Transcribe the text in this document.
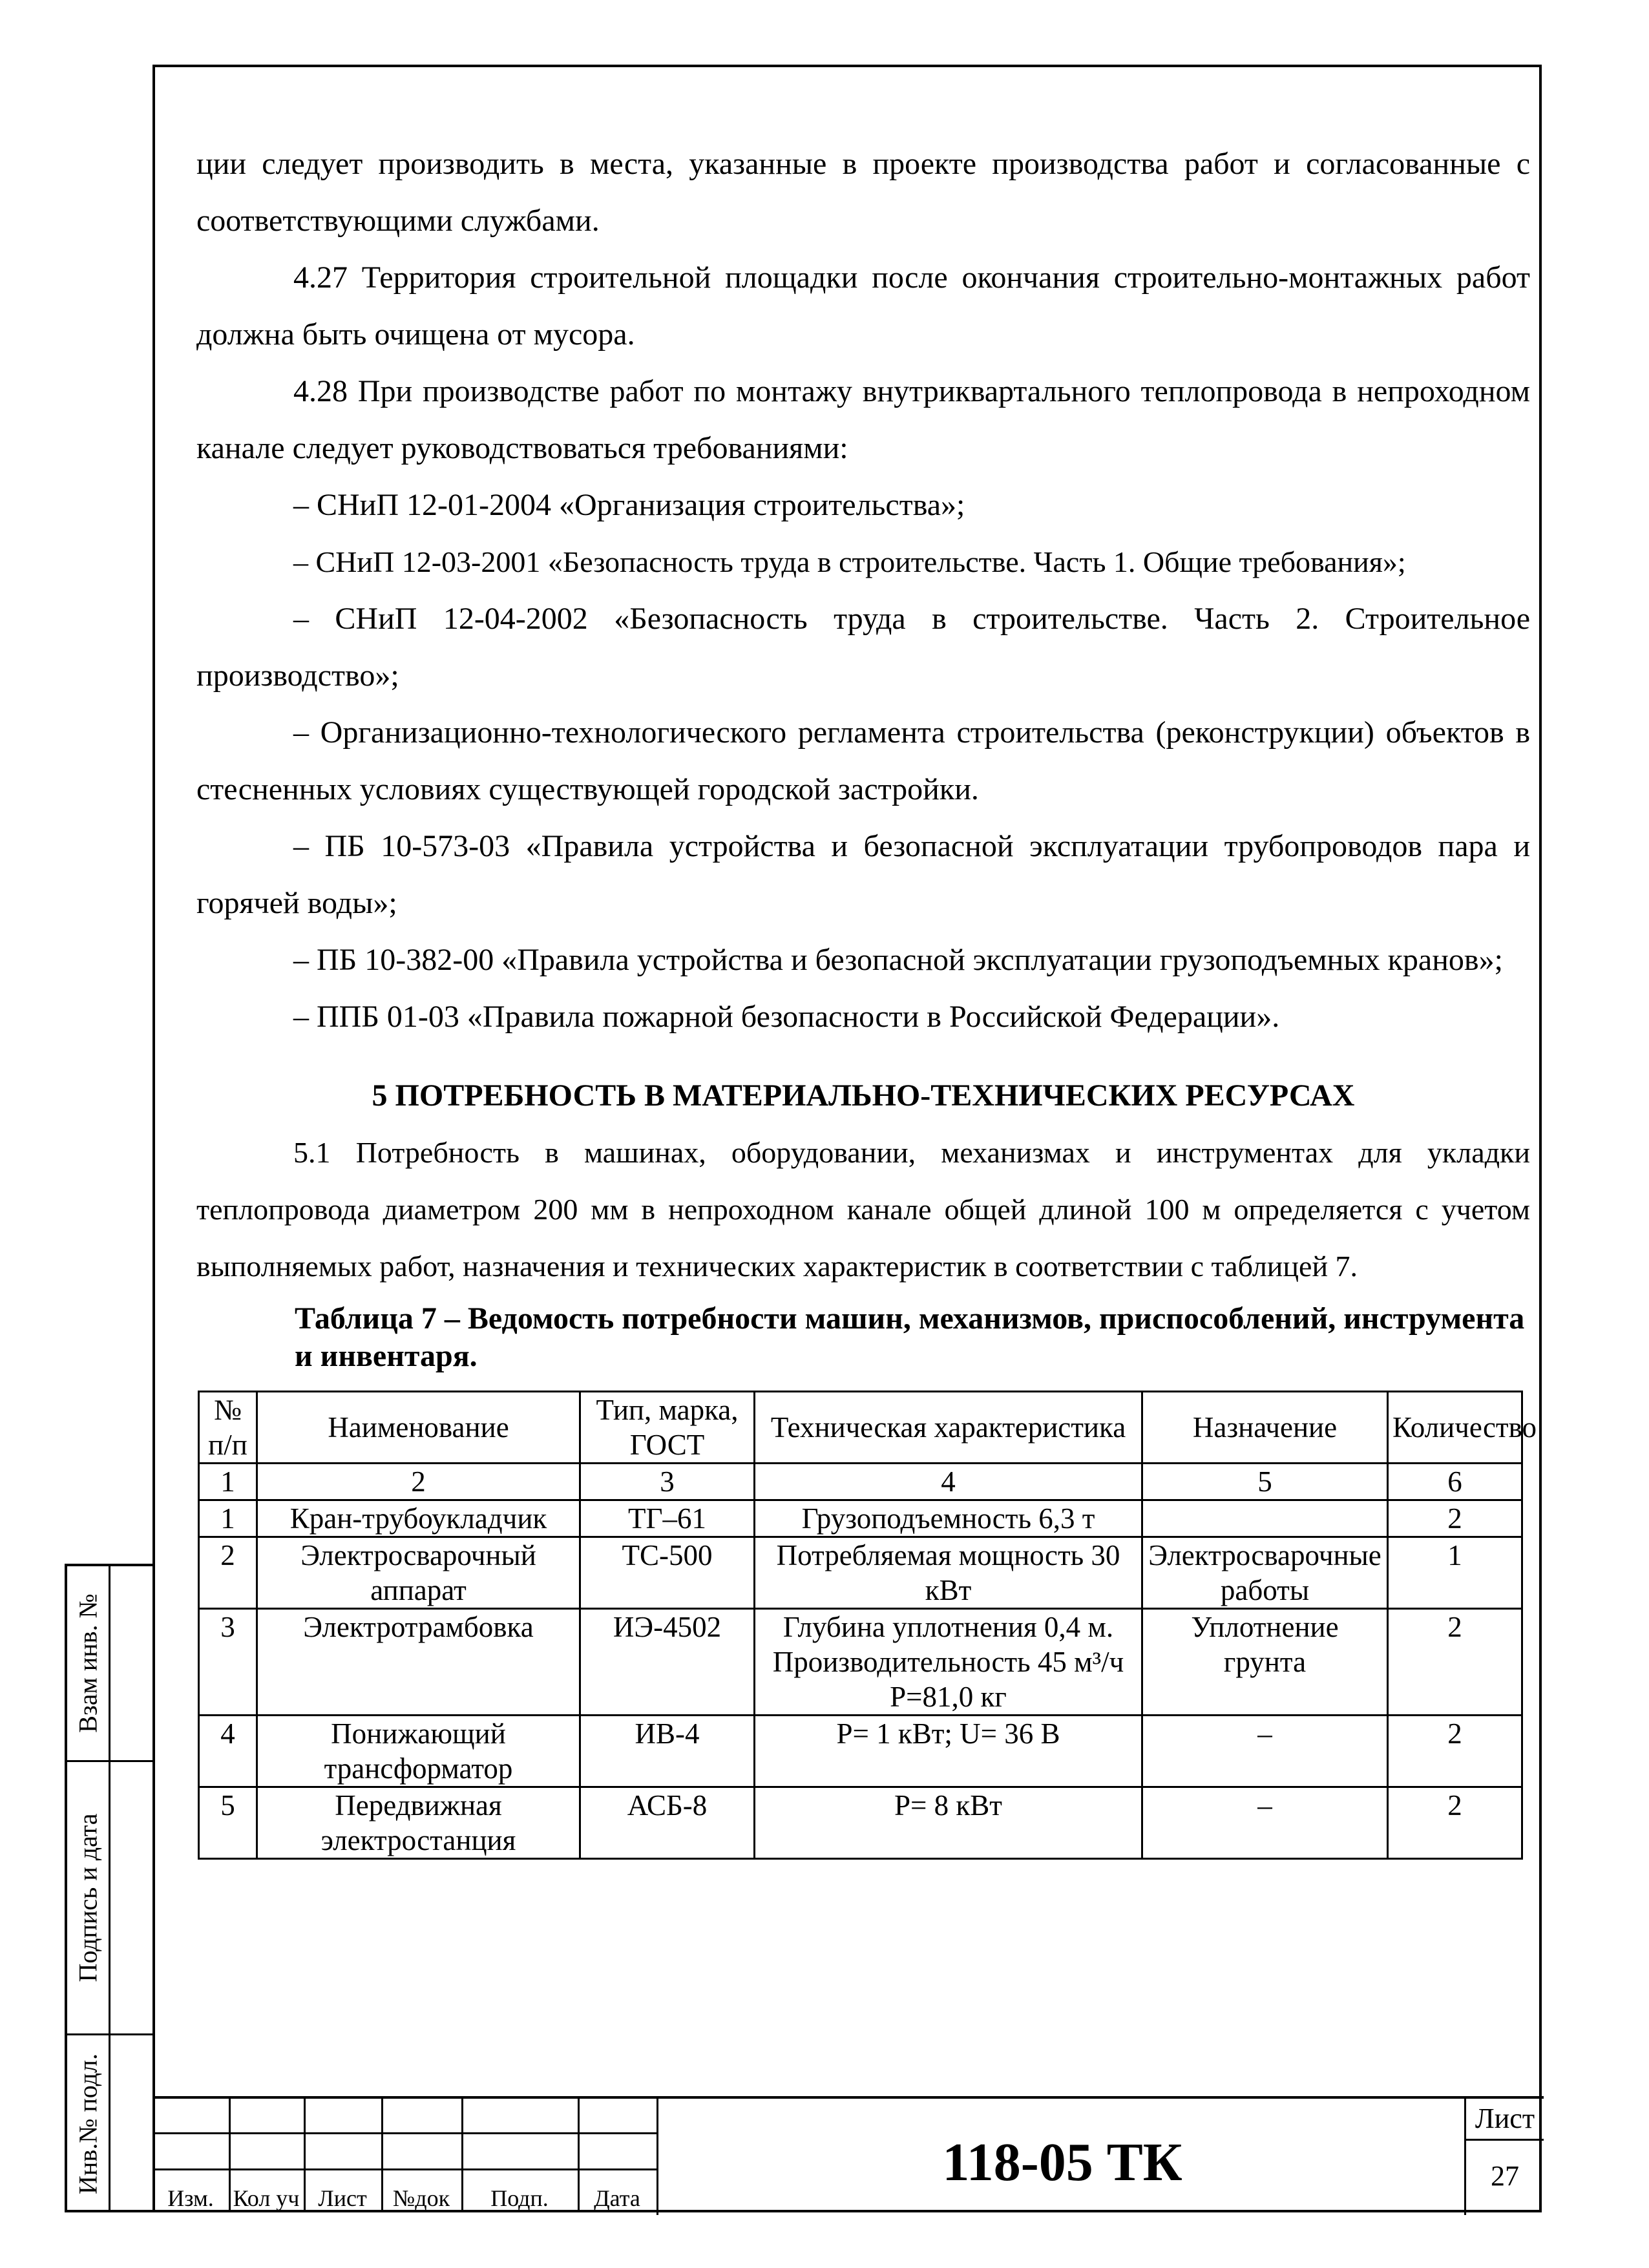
ции следует производить в места, указанные в проекте производства работ и согласованные с соответствующими службами.

4.27 Территория строительной площадки после окончания строительно-монтажных работ должна быть очищена от мусора.

4.28 При производстве работ по монтажу внутриквартального теплопровода в непроходном канале следует руководствоваться требованиями:

– СНиП 12-01-2004 «Организация строительства»;

– СНиП 12-03-2001 «Безопасность труда в строительстве. Часть 1. Общие требования»;

– СНиП 12-04-2002 «Безопасность труда в строительстве. Часть 2. Строительное производство»;

– Организационно-технологического регламента строительства (реконструкции) объектов в стесненных условиях существующей городской застройки.

– ПБ 10-573-03 «Правила устройства и безопасной эксплуатации трубопроводов пара и горячей воды»;

– ПБ 10-382-00 «Правила устройства и безопасной эксплуатации грузоподъемных кранов»;

– ППБ 01-03 «Правила пожарной безопасности в Российской Федерации».

5 ПОТРЕБНОСТЬ В МАТЕРИАЛЬНО-ТЕХНИЧЕСКИХ РЕСУРСАХ

5.1 Потребность в машинах, оборудовании, механизмах и инструментах для укладки теплопровода диаметром 200 мм в непроходном канале общей длиной 100 м определяется с учетом выполняемых работ, назначения и технических характеристик в соответствии с таблицей 7.

Таблица 7 – Ведомость потребности машин, механизмов, приспособлений, инструмента и инвентаря.

№ п/п	Наименование	Тип, марка, ГОСТ	Техническая характеристика	Назначение	Количество
1	2	3	4	5	6
1	Кран-трубоукладчик	ТГ–61	Грузоподъемность 6,3 т		2
2	Электросварочный аппарат	ТС-500	Потребляемая мощность 30 кВт	Электросварочные работы	1
3	Электротрамбовка	ИЭ-4502	Глубина уплотнения 0,4 м. Производительность 45 м³/ч Р=81,0 кг	Уплотнение грунта	2
4	Понижающий трансформатор	ИВ-4	Р= 1 кВт; U= 36 В	–	2
5	Передвижная электростанция	АСБ-8	Р= 8 кВт	–	2
Взам инв. №
Подпись и дата
Инв.№ подл.
Изм. Кол уч Лист	№док	Подп.	Дата
118-05 ТК
Лист
27
